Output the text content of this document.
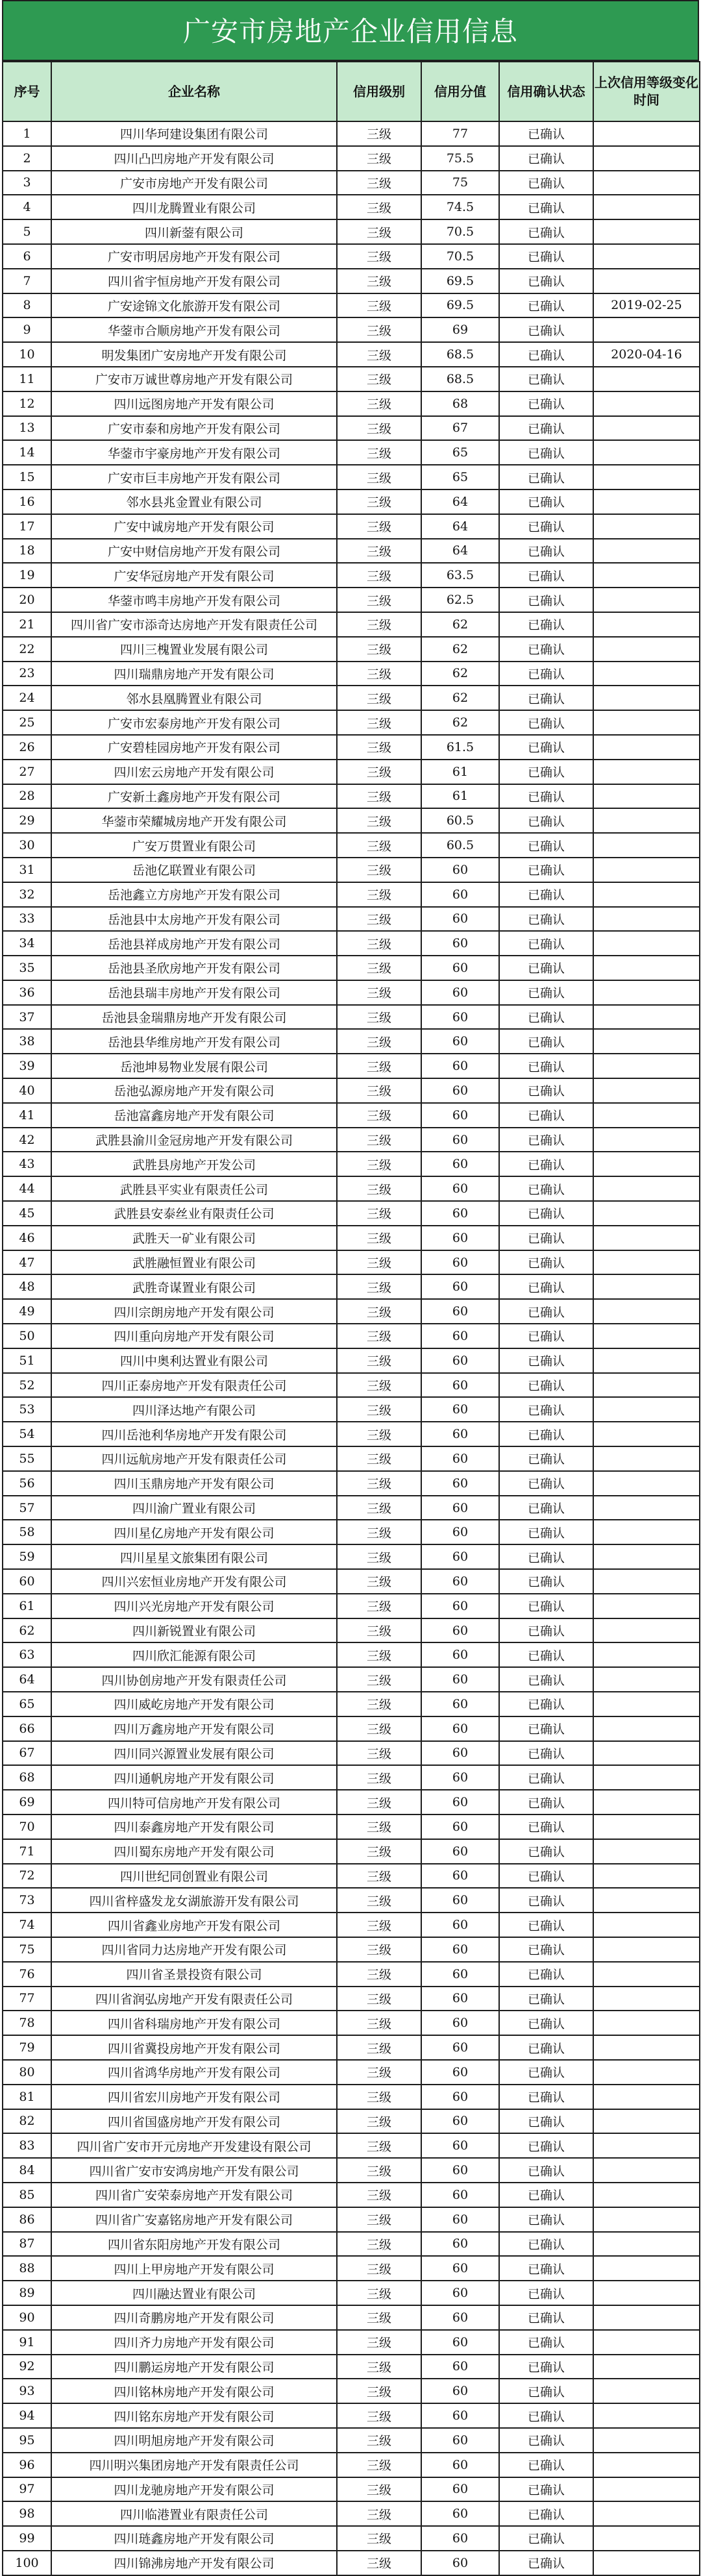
广安市房地产企业信用信息
序号	企业名称	信用级别	信用分值	信用确认状态	上次信用等级变化时间
1	四川华珂建设集团有限公司	三级	77	已确认	
2	四川凸凹房地产开发有限公司	三级	75.5	已确认	
3	广安市房地产开发有限公司	三级	75	已确认	
4	四川龙腾置业有限公司	三级	74.5	已确认	
5	四川新蓥有限公司	三级	70.5	已确认	
6	广安市明居房地产开发有限公司	三级	70.5	已确认	
7	四川省宇恒房地产开发有限公司	三级	69.5	已确认	
8	广安途锦文化旅游开发有限公司	三级	69.5	已确认	2019-02-25
9	华蓥市合顺房地产开发有限公司	三级	69	已确认	
10	明发集团广安房地产开发有限公司	三级	68.5	已确认	2020-04-16
11	广安市万诚世尊房地产开发有限公司	三级	68.5	已确认	
12	四川远图房地产开发有限公司	三级	68	已确认	
13	广安市泰和房地产开发有限公司	三级	67	已确认	
14	华蓥市宇豪房地产开发有限公司	三级	65	已确认	
15	广安市巨丰房地产开发有限公司	三级	65	已确认	
16	邻水县兆金置业有限公司	三级	64	已确认	
17	广安中诚房地产开发有限公司	三级	64	已确认	
18	广安中财信房地产开发有限公司	三级	64	已确认	
19	广安华冠房地产开发有限公司	三级	63.5	已确认	
20	华蓥市鸣丰房地产开发有限公司	三级	62.5	已确认	
21	四川省广安市添奇达房地产开发有限责任公司	三级	62	已确认	
22	四川三槐置业发展有限公司	三级	62	已确认	
23	四川瑞鼎房地产开发有限公司	三级	62	已确认	
24	邻水县凰腾置业有限公司	三级	62	已确认	
25	广安市宏泰房地产开发有限公司	三级	62	已确认	
26	广安碧桂园房地产开发有限公司	三级	61.5	已确认	
27	四川宏云房地产开发有限公司	三级	61	已确认	
28	广安新土鑫房地产开发有限公司	三级	61	已确认	
29	华蓥市荣耀城房地产开发有限公司	三级	60.5	已确认	
30	广安万贯置业有限公司	三级	60.5	已确认	
31	岳池亿联置业有限公司	三级	60	已确认	
32	岳池鑫立方房地产开发有限公司	三级	60	已确认	
33	岳池县中太房地产开发有限公司	三级	60	已确认	
34	岳池县祥成房地产开发有限公司	三级	60	已确认	
35	岳池县圣欣房地产开发有限公司	三级	60	已确认	
36	岳池县瑞丰房地产开发有限公司	三级	60	已确认	
37	岳池县金瑞鼎房地产开发有限公司	三级	60	已确认	
38	岳池县华维房地产开发有限公司	三级	60	已确认	
39	岳池坤易物业发展有限公司	三级	60	已确认	
40	岳池弘源房地产开发有限公司	三级	60	已确认	
41	岳池富鑫房地产开发有限公司	三级	60	已确认	
42	武胜县渝川金冠房地产开发有限公司	三级	60	已确认	
43	武胜县房地产开发公司	三级	60	已确认	
44	武胜县平实业有限责任公司	三级	60	已确认	
45	武胜县安泰丝业有限责任公司	三级	60	已确认	
46	武胜天一矿业有限公司	三级	60	已确认	
47	武胜融恒置业有限公司	三级	60	已确认	
48	武胜奇谋置业有限公司	三级	60	已确认	
49	四川宗朗房地产开发有限公司	三级	60	已确认	
50	四川重向房地产开发有限公司	三级	60	已确认	
51	四川中奥利达置业有限公司	三级	60	已确认	
52	四川正泰房地产开发有限责任公司	三级	60	已确认	
53	四川泽达地产有限公司	三级	60	已确认	
54	四川岳池利华房地产开发有限公司	三级	60	已确认	
55	四川远航房地产开发有限责任公司	三级	60	已确认	
56	四川玉鼎房地产开发有限公司	三级	60	已确认	
57	四川渝广置业有限公司	三级	60	已确认	
58	四川星亿房地产开发有限公司	三级	60	已确认	
59	四川星星文旅集团有限公司	三级	60	已确认	
60	四川兴宏恒业房地产开发有限公司	三级	60	已确认	
61	四川兴光房地产开发有限公司	三级	60	已确认	
62	四川新锐置业有限公司	三级	60	已确认	
63	四川欣汇能源有限公司	三级	60	已确认	
64	四川协创房地产开发有限责任公司	三级	60	已确认	
65	四川威屹房地产开发有限公司	三级	60	已确认	
66	四川万鑫房地产开发有限公司	三级	60	已确认	
67	四川同兴源置业发展有限公司	三级	60	已确认	
68	四川通帆房地产开发有限公司	三级	60	已确认	
69	四川特可信房地产开发有限公司	三级	60	已确认	
70	四川泰鑫房地产开发有限公司	三级	60	已确认	
71	四川蜀东房地产开发有限公司	三级	60	已确认	
72	四川世纪同创置业有限公司	三级	60	已确认	
73	四川省梓盛发龙女湖旅游开发有限公司	三级	60	已确认	
74	四川省鑫业房地产开发有限公司	三级	60	已确认	
75	四川省同力达房地产开发有限公司	三级	60	已确认	
76	四川省圣景投资有限公司	三级	60	已确认	
77	四川省润弘房地产开发有限责任公司	三级	60	已确认	
78	四川省科瑞房地产开发有限公司	三级	60	已确认	
79	四川省冀投房地产开发有限公司	三级	60	已确认	
80	四川省鸿华房地产开发有限公司	三级	60	已确认	
81	四川省宏川房地产开发有限公司	三级	60	已确认	
82	四川省国盛房地产开发有限公司	三级	60	已确认	
83	四川省广安市开元房地产开发建设有限公司	三级	60	已确认	
84	四川省广安市安鸿房地产开发有限公司	三级	60	已确认	
85	四川省广安荣泰房地产开发有限公司	三级	60	已确认	
86	四川省广安嘉铭房地产开发有限公司	三级	60	已确认	
87	四川省东阳房地产开发有限公司	三级	60	已确认	
88	四川上甲房地产开发有限公司	三级	60	已确认	
89	四川融达置业有限公司	三级	60	已确认	
90	四川奇鹏房地产开发有限公司	三级	60	已确认	
91	四川齐力房地产开发有限公司	三级	60	已确认	
92	四川鹏运房地产开发有限公司	三级	60	已确认	
93	四川铭林房地产开发有限公司	三级	60	已确认	
94	四川铭东房地产开发有限公司	三级	60	已确认	
95	四川明旭房地产开发有限公司	三级	60	已确认	
96	四川明兴集团房地产开发有限责任公司	三级	60	已确认	
97	四川龙驰房地产开发有限公司	三级	60	已确认	
98	四川临港置业有限责任公司	三级	60	已确认	
99	四川琏鑫房地产开发有限公司	三级	60	已确认	
100	四川锦沸房地产开发有限公司	三级	60	已确认	
